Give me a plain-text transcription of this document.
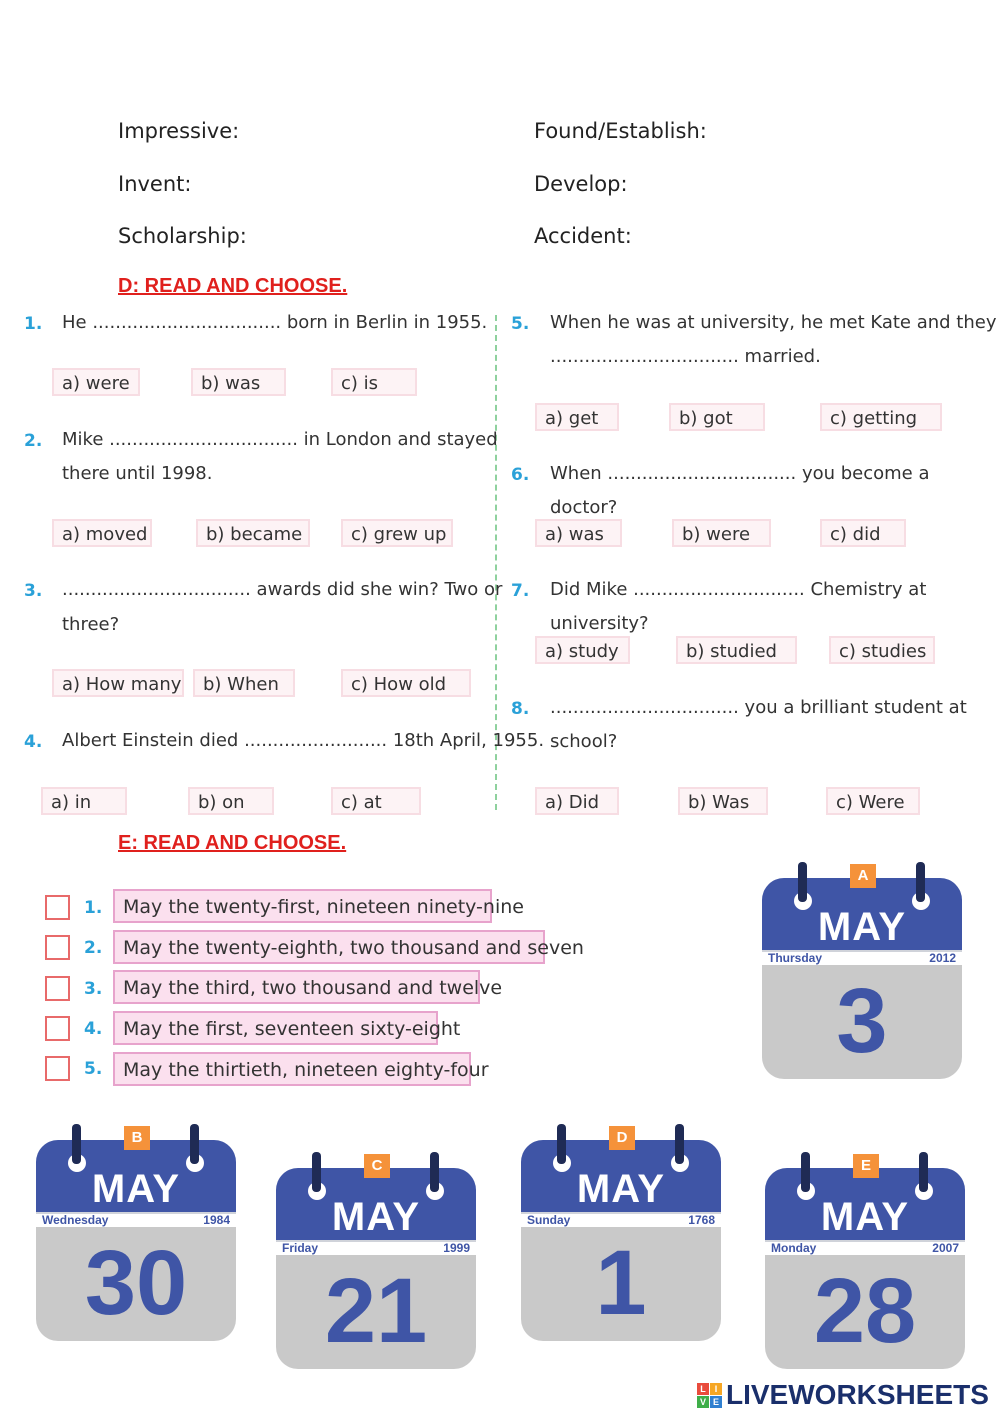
Impressive:
Invent:
Scholarship:
Found/Establish:
Develop:
Accident:
D: READ AND CHOOSE.
1. He ................................. born in Berlin in 1955.
a) were	b) was	c) is
2. Mike ................................. in London and stayed
there until 1998.
a) moved	b) became	c) grew up
3. ................................. awards did she win? Two or
three?
a) How many	b) When	c) How old
4. Albert Einstein died ......................... 18th April, 1955.
a) in	b) on	c) at
5. When he was at university, he met Kate and they
................................. married.
a) get	b) got	c) getting
6. When ................................. you become a doctor?
a) was	b) were	c) did
7. Did Mike .............................. Chemistry at university?
a) study	b) studied	c) studies
8. ................................. you a brilliant student at
school?
a) Did	b) Was	c) Were
E: READ AND CHOOSE.
1.	May the twenty-first, nineteen ninety-nine
2.	May the twenty-eighth, two thousand and seven
3.	May the third, two thousand and twelve
4.	May the first, seventeen sixty-eight
5.	May the thirtieth, nineteen eighty-four
A
MAY
Thursday	2012
3
B
MAY
Wednesday	1984
30
C
MAY
Friday	1999
21
D
MAY
Sunday	1768
1
E
MAY
Monday	2007
28
L I
V E LIVEWORKSHEETS
